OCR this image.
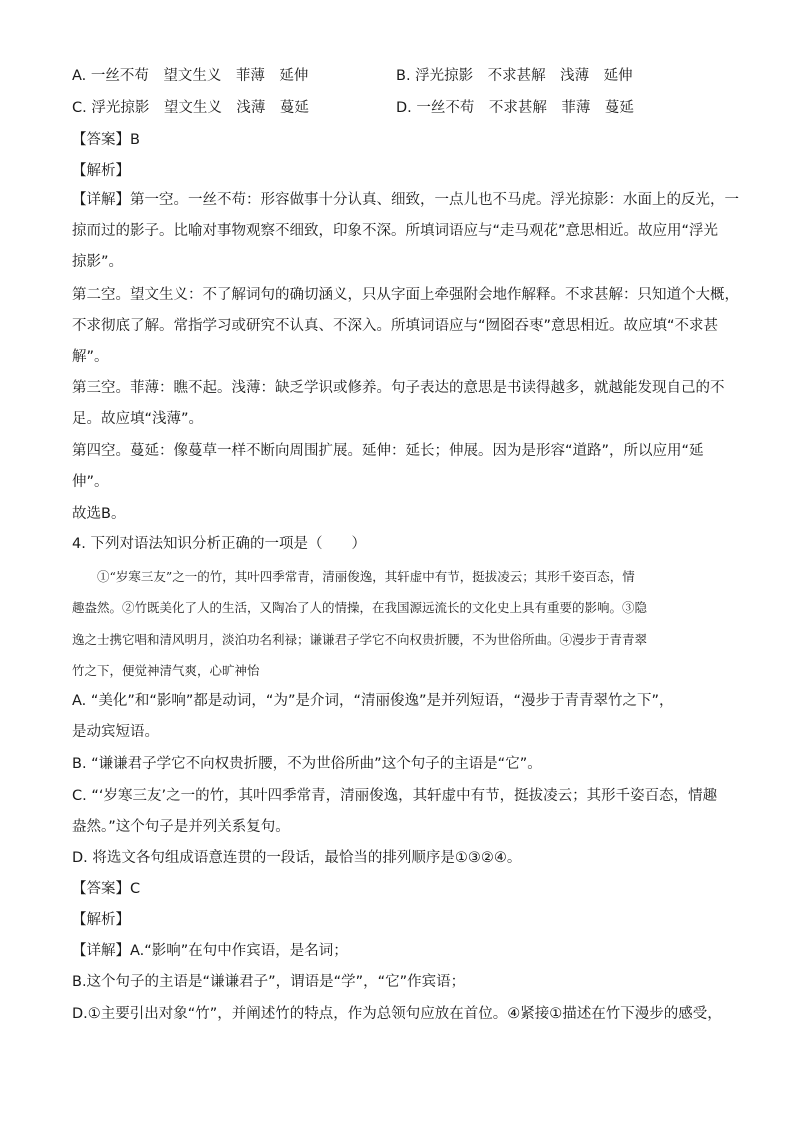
A. 一丝不苟　望文生义　菲薄　延伸	B. 浮光掠影　不求甚解　浅薄　延伸
C. 浮光掠影　望文生义　浅薄　蔓延	D. 一丝不苟　不求甚解　菲薄　蔓延
【答案】B
【解析】
【详解】第一空。一丝不苟：形容做事十分认真、细致，一点儿也不马虎。浮光掠影：水面上的反光，一
掠而过的影子。比喻对事物观察不细致，印象不深。所填词语应与“走马观花”意思相近。故应用“浮光
掠影”。
第二空。望文生义：不了解词句的确切涵义，只从字面上牵强附会地作解释。不求甚解：只知道个大概，
不求彻底了解。常指学习或研究不认真、不深入。所填词语应与“囫囵吞枣”意思相近。故应填“不求甚
解”。
第三空。菲薄：瞧不起。浅薄：缺乏学识或修养。句子表达的意思是书读得越多，就越能发现自己的不
足。故应填“浅薄”。
第四空。蔓延：像蔓草一样不断向周围扩展。延伸：延长；伸展。因为是形容“道路”，所以应用“延
伸”。
故选B。
4. 下列对语法知识分析正确的一项是（　　）
　　①“岁寒三友”之一的竹，其叶四季常青，清丽俊逸，其轩虚中有节，挺拔凌云；其形千姿百态，情
趣盎然。②竹既美化了人的生活，又陶冶了人的情操，在我国源远流长的文化史上具有重要的影响。③隐
逸之士携它唱和清风明月，淡泊功名利禄；谦谦君子学它不向权贵折腰，不为世俗所曲。④漫步于青青翠
竹之下，便觉神清气爽，心旷神怡
A. “美化”和“影响”都是动词，“为”是介词，“清丽俊逸”是并列短语，“漫步于青青翠竹之下”，
是动宾短语。
B. “谦谦君子学它不向权贵折腰，不为世俗所曲”这个句子的主语是“它”。
C. “‘岁寒三友’之一的竹，其叶四季常青，清丽俊逸，其轩虚中有节，挺拔凌云；其形千姿百态，情趣
盎然。”这个句子是并列关系复句。
D. 将选文各句组成语意连贯的一段话，最恰当的排列顺序是①③②④。
【答案】C
【解析】
【详解】A.“影响”在句中作宾语，是名词；
B.这个句子的主语是“谦谦君子”，谓语是“学”，“它”作宾语；
D.①主要引出对象“竹”，并阐述竹的特点，作为总领句应放在首位。④紧接①描述在竹下漫步的感受，
